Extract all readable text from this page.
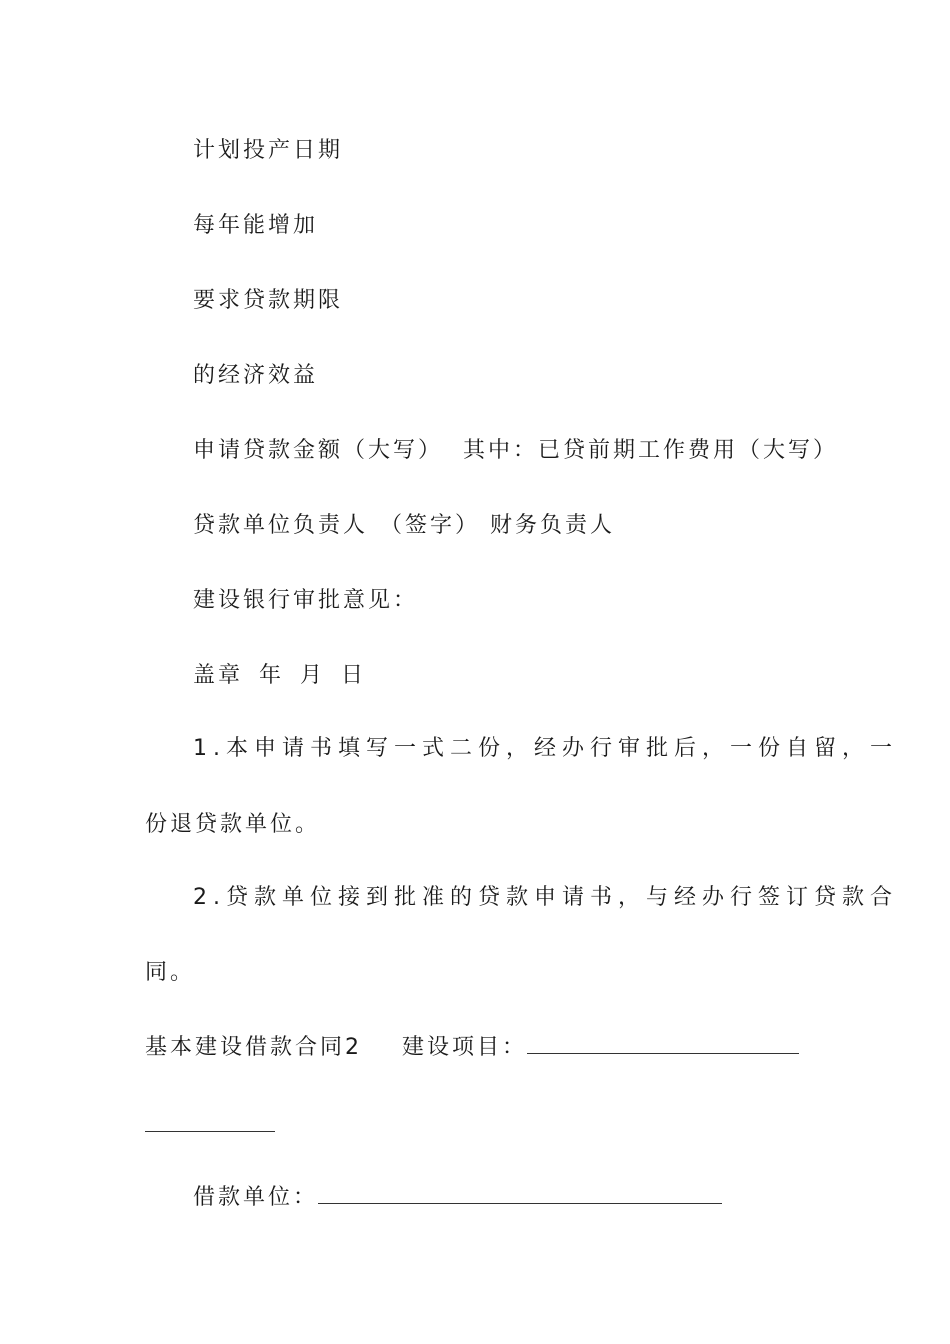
计划投产日期
每年能增加
要求贷款期限
的经济效益
申请贷款金额（大写） 其中：已贷前期工作费用（大写）
贷款单位负责人 （签字） 财务负责人
建设银行审批意见：
盖章 年 月 日
1.本申请书填写一式二份，经办行审批后，一份自留，一
份退贷款单位。
2.贷款单位接到批准的贷款申请书，与经办行签订贷款合
同。
基本建设借款合同2 建设项目：
借款单位：
